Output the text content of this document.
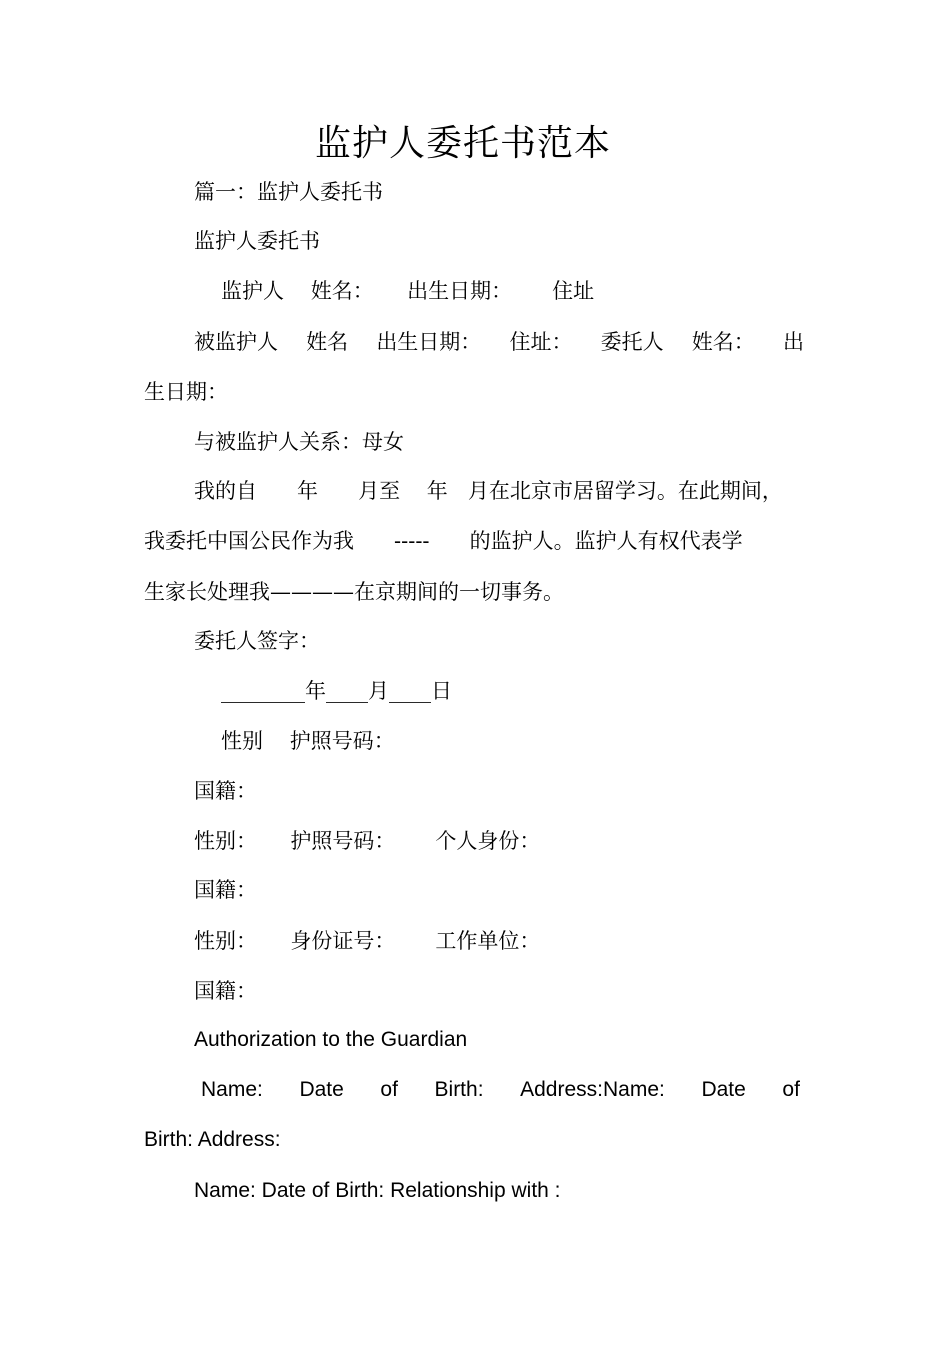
监护人委托书范本
篇一：监护人委托书
监护人委托书
监护人    姓名：     出生日期：      住址
被监护人 姓名 出生日期： 住址： 委托人 姓名： 出
生日期：
与被监护人关系：母女
我的自      年      月至    年   月在北京市居留学习。在此期间，
我委托中国公民作为我      -----      的监护人。监护人有权代表学
生家长处理我————在京期间的一切事务。
委托人签字：
________年____月____日
性别    护照号码：
国籍：
性别：     护照号码：      个人身份：
国籍：
性别：     身份证号：      工作单位：
国籍：
Authorization to the Guardian
Name: Date of Birth: Address:Name: Date of
Birth: Address:
Name: Date of Birth: Relationship with :
